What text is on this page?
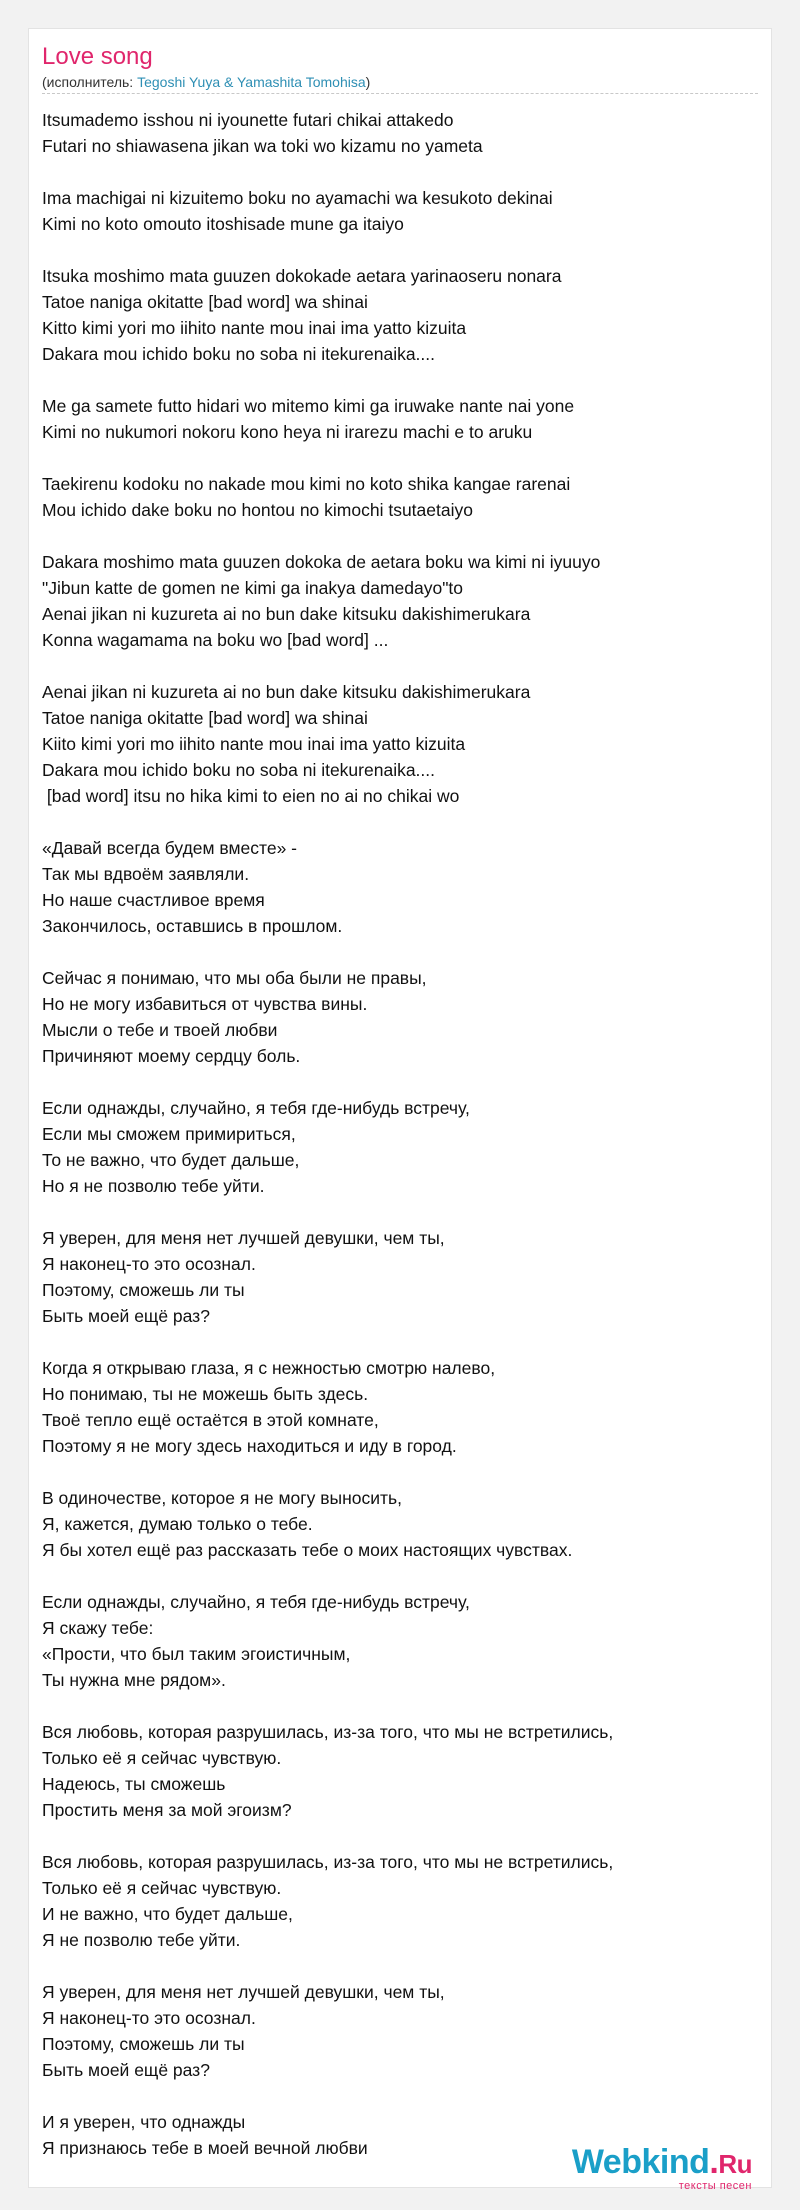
Love song
(исполнитель: Tegoshi Yuya & Yamashita Tomohisa)
Itsumademo isshou ni iyounette futari chikai attakedo
Futari no shiawasena jikan wa toki wo kizamu no yameta
Ima machigai ni kizuitemo boku no ayamachi wa kesukoto dekinai
Kimi no koto omouto itoshisade mune ga itaiyo
Itsuka moshimo mata guuzen dokokade aetara yarinaoseru nonara
Tatoe naniga okitatte [bad word] wa shinai
Kitto kimi yori mo iihito nante mou inai ima yatto kizuita
Dakara mou ichido boku no soba ni itekurenaika....
Me ga samete futto hidari wo mitemo kimi ga iruwake nante nai yone
Kimi no nukumori nokoru kono heya ni irarezu machi e to aruku
Taekirenu kodoku no nakade mou kimi no koto shika kangae rarenai
Mou ichido dake boku no hontou no kimochi tsutaetaiyo
Dakara moshimo mata guuzen dokoka de aetara boku wa kimi ni iyuuyo
"Jibun katte de gomen ne kimi ga inakya damedayo"to
Aenai jikan ni kuzureta ai no bun dake kitsuku dakishimerukara
Konna wagamama na boku wo [bad word] ...
Aenai jikan ni kuzureta ai no bun dake kitsuku dakishimerukara
Tatoe naniga okitatte [bad word] wa shinai
Kiito kimi yori mo iihito nante mou inai ima yatto kizuita
Dakara mou ichido boku no soba ni itekurenaika....
[bad word] itsu no hika kimi to eien no ai no chikai wo
«Давай всегда будем вместе» -
Так мы вдвоём заявляли.
Но наше счастливое время
Закончилось, оставшись в прошлом.
Сейчас я понимаю, что мы оба были не правы,
Но не могу избавиться от чувства вины.
Мысли о тебе и твоей любви
Причиняют моему сердцу боль.
Если однажды, случайно, я тебя где-нибудь встречу,
Если мы сможем примириться,
То не важно, что будет дальше,
Но я не позволю тебе уйти.
Я уверен, для меня нет лучшей девушки, чем ты,
Я наконец-то это осознал.
Поэтому, сможешь ли ты
Быть моей ещё раз?
Когда я открываю глаза, я с нежностью смотрю налево,
Но понимаю, ты не можешь быть здесь.
Твоё тепло ещё остаётся в этой комнате,
Поэтому я не могу здесь находиться и иду в город.
В одиночестве, которое я не могу выносить,
Я, кажется, думаю только о тебе.
Я бы хотел ещё раз рассказать тебе о моих настоящих чувствах.
Если однажды, случайно, я тебя где-нибудь встречу,
Я скажу тебе:
«Прости, что был таким эгоистичным,
Ты нужна мне рядом».
Вся любовь, которая разрушилась, из-за того, что мы не встретились,
Только её я сейчас чувствую.
Надеюсь, ты сможешь
Простить меня за мой эгоизм?
Вся любовь, которая разрушилась, из-за того, что мы не встретились,
Только её я сейчас чувствую.
И не важно, что будет дальше,
Я не позволю тебе уйти.
Я уверен, для меня нет лучшей девушки, чем ты,
Я наконец-то это осознал.
Поэтому, сможешь ли ты
Быть моей ещё раз?
И я уверен, что однажды
Я признаюсь тебе в моей вечной любви	Webkind.Ru
тексты песен
